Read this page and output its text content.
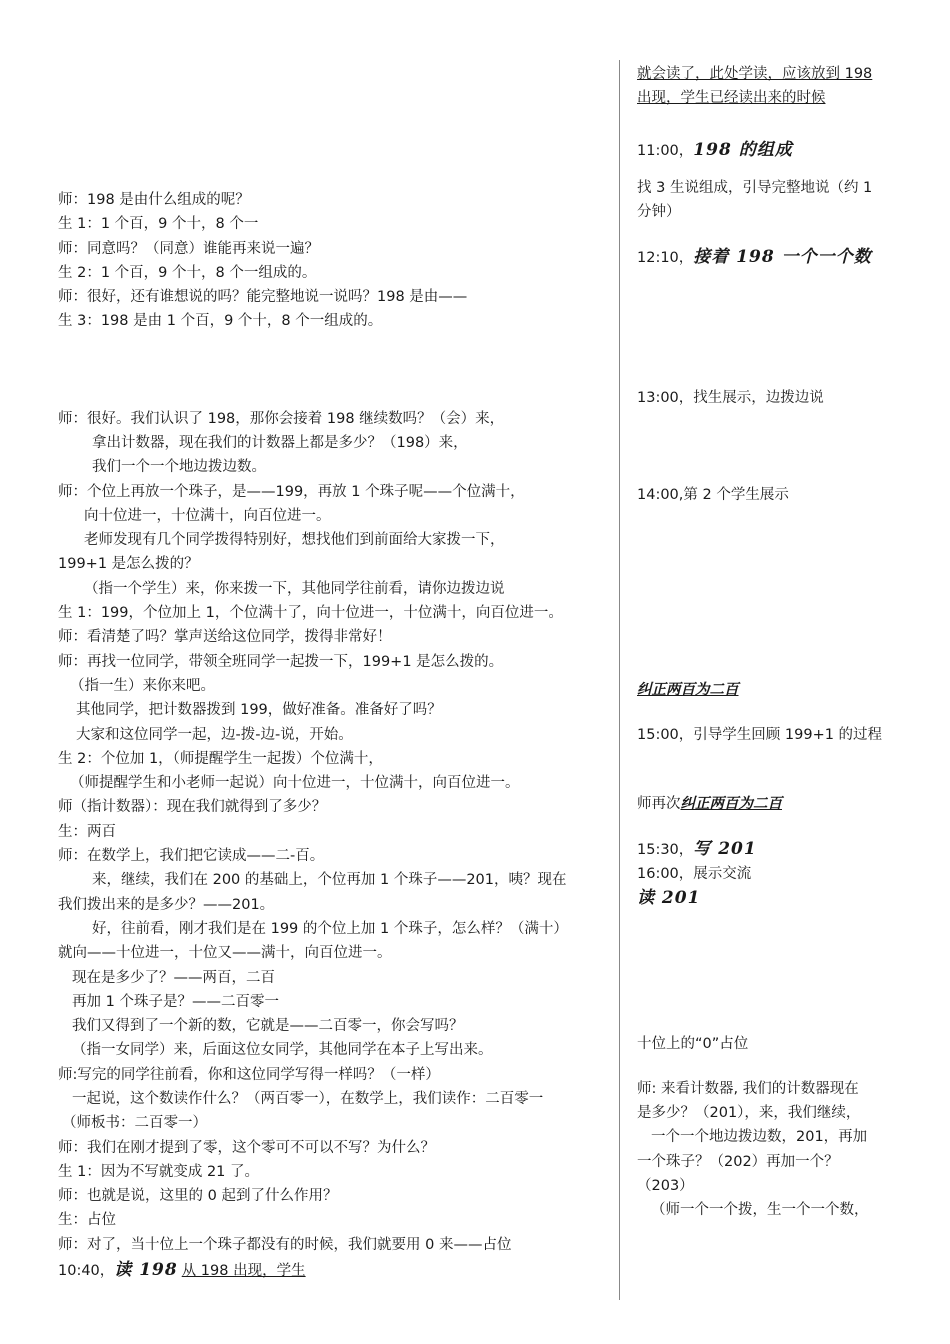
师：198 是由什么组成的呢？
生 1：1 个百，9 个十，8 个一
师：同意吗？（同意）谁能再来说一遍？
生 2：1 个百，9 个十，8 个一组成的。
师：很好，还有谁想说的吗？能完整地说一说吗？198 是由——
生 3：198 是由 1 个百，9 个十，8 个一组成的。
师：很好。我们认识了 198，那你会接着 198 继续数吗？（会）来，
拿出计数器，现在我们的计数器上都是多少？（198）来，
我们一个一个地边拨边数。
师：个位上再放一个珠子，是——199，再放 1 个珠子呢——个位满十，
向十位进一，十位满十，向百位进一。
老师发现有几个同学拨得特别好，想找他们到前面给大家拨一下，
199+1 是怎么拨的？
（指一个学生）来，你来拨一下，其他同学往前看，请你边拨边说
生 1：199，个位加上 1，个位满十了，向十位进一，十位满十，向百位进一。
师：看清楚了吗？掌声送给这位同学，拨得非常好！
师：再找一位同学，带领全班同学一起拨一下，199+1 是怎么拨的。
（指一生）来你来吧。
其他同学，把计数器拨到 199，做好准备。准备好了吗？
大家和这位同学一起，边-拨-边-说，开始。
生 2：个位加 1，（师提醒学生一起拨）个位满十，
（师提醒学生和小老师一起说）向十位进一，十位满十，向百位进一。
师（指计数器）：现在我们就得到了多少？
生：两百
师：在数学上，我们把它读成——二-百。
来，继续，我们在 200 的基础上，个位再加 1 个珠子——201，咦？现在
我们拨出来的是多少？——201。
好，往前看，刚才我们是在 199 的个位上加 1 个珠子，怎么样？（满十）
就向——十位进一，十位又——满十，向百位进一。
现在是多少了？——两百，二百
再加 1 个珠子是？——二百零一
我们又得到了一个新的数，它就是——二百零一，你会写吗？
（指一女同学）来，后面这位女同学，其他同学在本子上写出来。
师:写完的同学往前看，你和这位同学写得一样吗？（一样）
一起说，这个数读作什么？（两百零一），在数学上，我们读作：二百零一
（师板书：二百零一）
师：我们在刚才提到了零，这个零可不可以不写？为什么？
生 1：因为不写就变成 21 了。
师：也就是说，这里的 0 起到了什么作用？
生：占位
师：对了，当十位上一个珠子都没有的时候，我们就要用 0 来——占位
10:40，读 198 从 198 出现，学生
就会读了，此处学读，应该放到 198
出现，学生已经读出来的时候
11:00，198 的组成
找 3 生说组成，引导完整地说（约 1
分钟）
12:10，接着 198 一个一个数
13:00，找生展示，边拨边说
14:00,第 2 个学生展示
纠正两百为二百
15:00，引导学生回顾 199+1 的过程
师再次纠正两百为二百
15:30，写 201
16:00，展示交流
读 201
十位上的“0”占位
师: 来看计数器, 我们的计数器现在
是多少？（201），来，我们继续，
一个一个地边拨边数，201，再加
一个珠子？（202）再加一个？
（203）
（师一个一个拨，生一个一个数，
